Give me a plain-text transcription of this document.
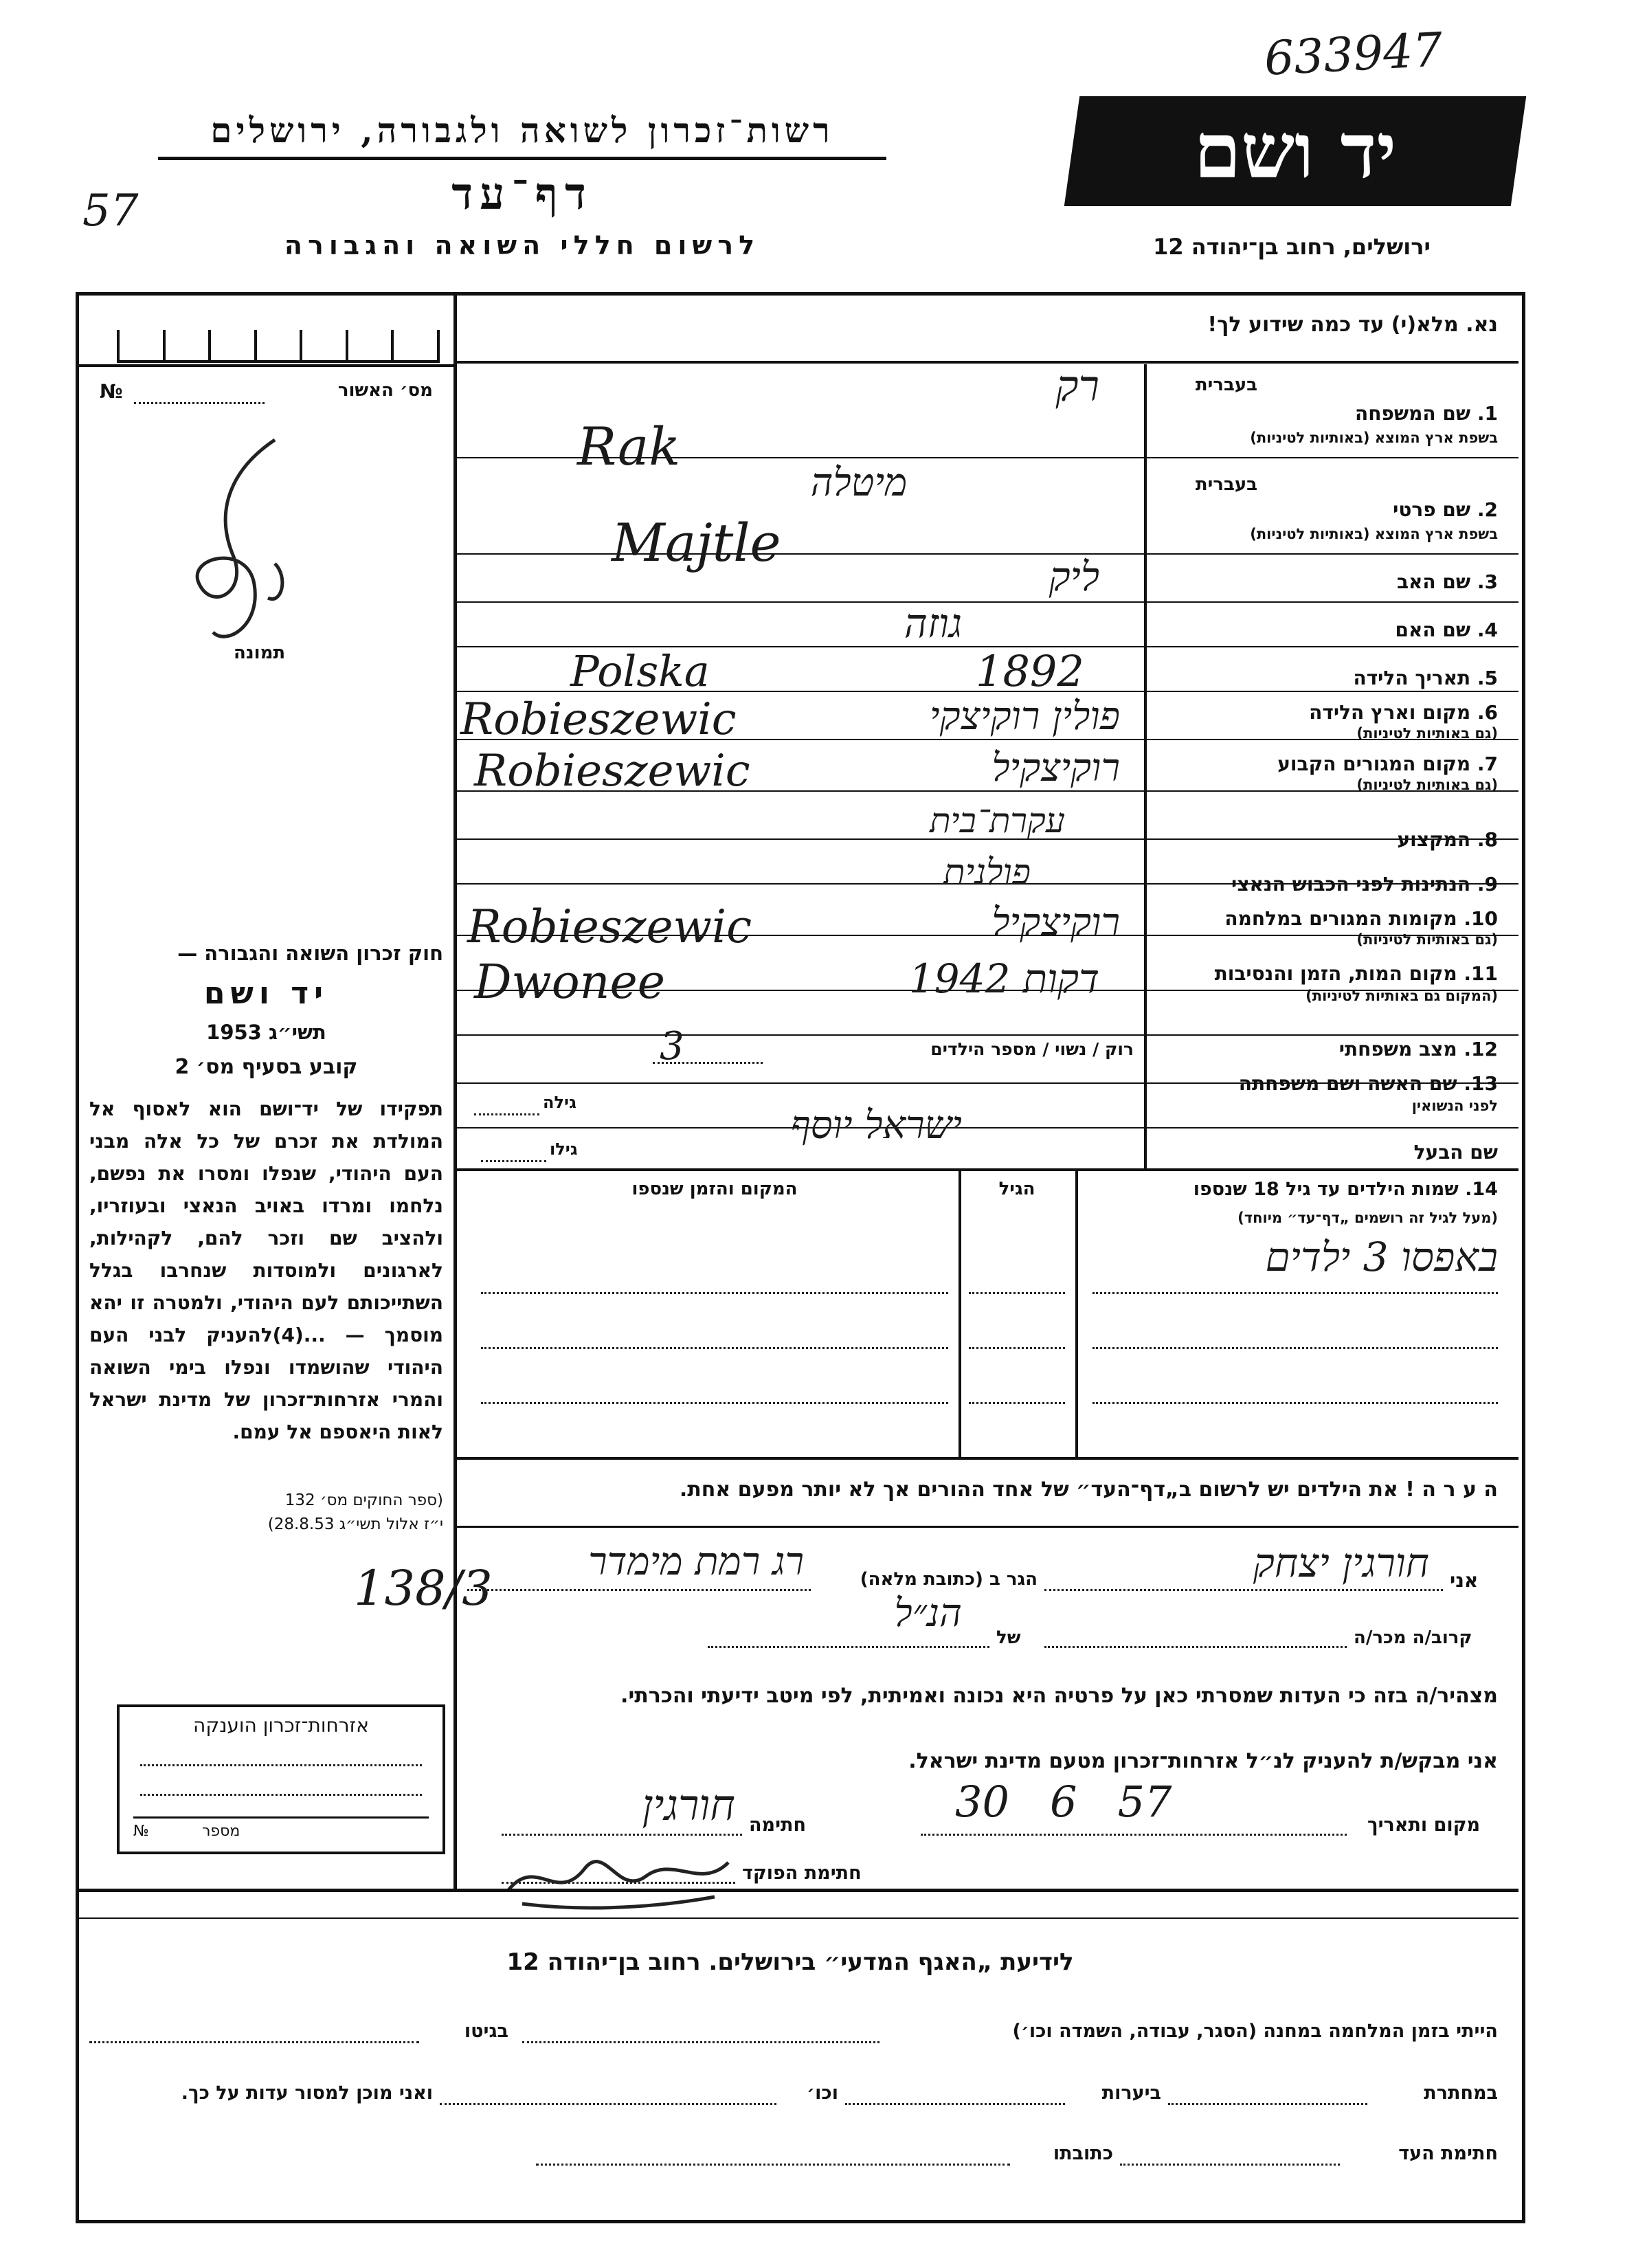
633947
57
רשות־זכרון לשואה ולגבורה, ירושלים
דף־עד
לרשום חללי השואה והגבורה
יד ושם
ירושלים, רחוב בן־יהודה 12
נא. מלא(י) עד כמה שידוע לך!
מס׳ האשור
№
תמונה
חוק זכרון השואה והגבורה —
יד ושם
תשי״ג 1953
קובע בסעיף מס׳ 2
תפקידו של יד־ושם הוא לאסוף אל המולדת את זכרם של כל אלה מבני העם היהודי, שנפלו ומסרו את נפשם, נלחמו ומרדו באויב הנאצי ובעוזריו, ולהציב שם וזכר להם, לקהילות, לארגונים ולמוסדות שנחרבו בגלל השתייכותם לעם היהודי, ולמטרה זו יהא מוסמך — ...(4)להעניק לבני העם היהודי שהושמדו ונפלו בימי השואה והמרי אזרחות־זכרון של מדינת ישראל לאות היאספם אל עמם.
(ספר החוקים מס׳ 132
י״ז אלול תשי״ג 28.8.53)
138/3
אזרחות־זכרון הוענקה
№	מספר
בעברית
1. שם המשפחה
בשפת ארץ המוצא (באותיות לטיניות)
רק
Rak
בעברית
2. שם פרטי
בשפת ארץ המוצא (באותיות לטיניות)
מיטלה
Majtle
3. שם האב
ליק
4. שם האם
גוזה
5. תאריך הלידה
1892
Polska
6. מקום וארץ הלידה
(גם באותיות לטיניות)
פולין רוקיצקי
Robieszewic
7. מקום המגורים הקבוע
(גם באותיות לטיניות)
רוקיצקיל
Robieszewic
8. המקצוע
עקרת־בית
9. הנתינות לפני הכבוש הנאצי
פולנית
10. מקומות המגורים במלחמה
(גם באותיות לטיניות)
רוקיצקיל
Robieszewic
11. מקום המות, הזמן והנסיבות
(המקום גם באותיות לטיניות)
דקות 1942
Dwonee
12. מצב משפחתי
רוק / נשוי / מספר הילדים
3
13. שם האשה ושם משפחתה
לפני הנשואין
גילה
שם הבעל
גילו
ישראל יוסף
14. שמות הילדים עד גיל 18 שנספו
(מעל לגיל זה רושמים „דף־עד״ מיוחד)
הגיל
המקום והזמן שנספו
באפסו 3 ילדים
ה ע ר ה ! את הילדים יש לרשום ב„דף־העד״ של אחד ההורים אך לא יותר מפעם אחת.
אני
חורגין יצחק
הגר ב (כתובת מלאה)
רג רמת מימדר
קרוב/ה מכר/ה
של
הנ״ל
מצהיר/ה בזה כי העדות שמסרתי כאן על פרטיה היא נכונה ואמיתית, לפי מיטב ידיעתי והכרתי.
אני מבקש/ת להעניק לנ״ל אזרחות־זכרון מטעם מדינת ישראל.
מקום ותאריך
30   6   57
חתימה
חורגין
חתימת הפוקד
לידיעת „האגף המדעי״ בירושלים. רחוב בן־יהודה 12
הייתי בזמן המלחמה במחנה (הסגר, עבודה, השמדה וכו׳)
בגיטו
במחתרת
ביערות
וכו׳
ואני מוכן למסור עדות על כך.
חתימת העד
כתובתו
